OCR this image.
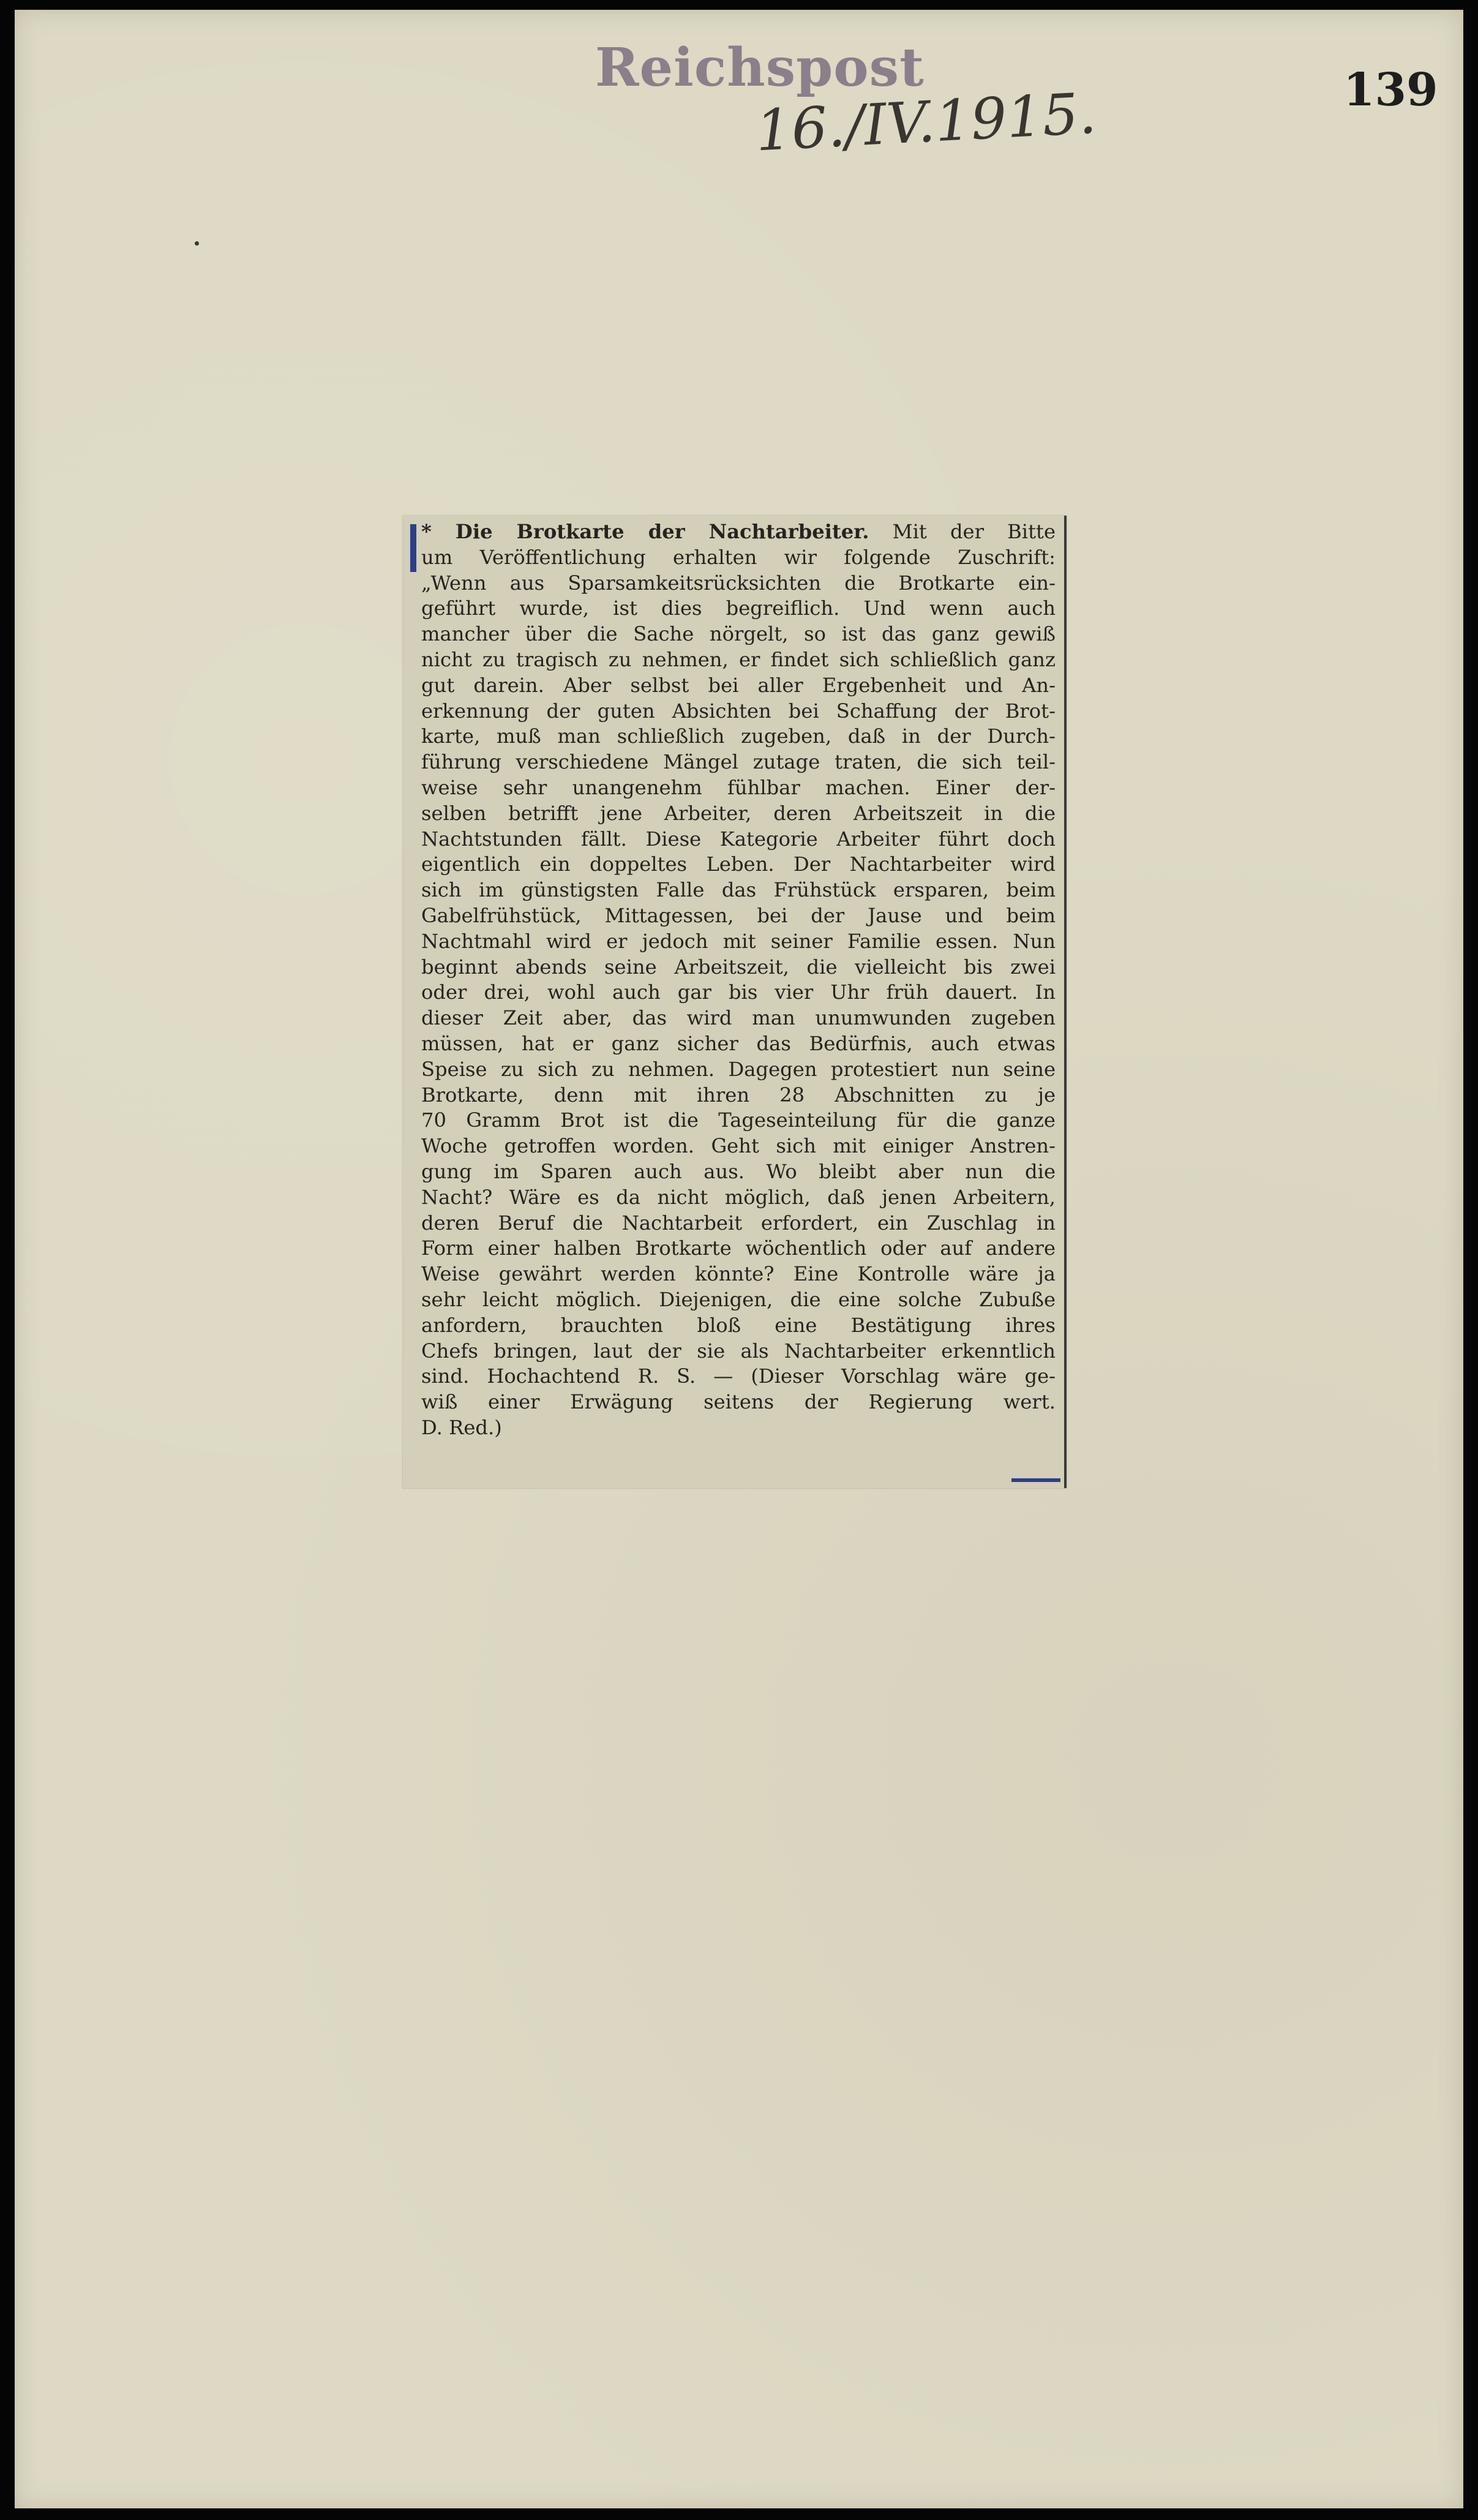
Reichspost
16./IV.1915.	139
* Die Brotkarte der Nachtarbeiter. Mit der Bitte
um Veröffentlichung erhalten wir folgende Zuschrift:
„Wenn aus Sparsamkeitsrücksichten die Brotkarte ein-
geführt wurde, ist dies begreiflich. Und wenn auch
mancher über die Sache nörgelt, so ist das ganz gewiß
nicht zu tragisch zu nehmen, er findet sich schließlich ganz
gut darein. Aber selbst bei aller Ergebenheit und An-
erkennung der guten Absichten bei Schaffung der Brot-
karte, muß man schließlich zugeben, daß in der Durch-
führung verschiedene Mängel zutage traten, die sich teil-
weise sehr unangenehm fühlbar machen. Einer der-
selben betrifft jene Arbeiter, deren Arbeitszeit in die
Nachtstunden fällt. Diese Kategorie Arbeiter führt doch
eigentlich ein doppeltes Leben. Der Nachtarbeiter wird
sich im günstigsten Falle das Frühstück ersparen, beim
Gabelfrühstück, Mittagessen, bei der Jause und beim
Nachtmahl wird er jedoch mit seiner Familie essen. Nun
beginnt abends seine Arbeitszeit, die vielleicht bis zwei
oder drei, wohl auch gar bis vier Uhr früh dauert. In
dieser Zeit aber, das wird man unumwunden zugeben
müssen, hat er ganz sicher das Bedürfnis, auch etwas
Speise zu sich zu nehmen. Dagegen protestiert nun seine
Brotkarte, denn mit ihren 28 Abschnitten zu je
70 Gramm Brot ist die Tageseinteilung für die ganze
Woche getroffen worden. Geht sich mit einiger Anstren-
gung im Sparen auch aus. Wo bleibt aber nun die
Nacht? Wäre es da nicht möglich, daß jenen Arbeitern,
deren Beruf die Nachtarbeit erfordert, ein Zuschlag in
Form einer halben Brotkarte wöchentlich oder auf andere
Weise gewährt werden könnte? Eine Kontrolle wäre ja
sehr leicht möglich. Diejenigen, die eine solche Zubuße
anfordern, brauchten bloß eine Bestätigung ihres
Chefs bringen, laut der sie als Nachtarbeiter erkenntlich
sind. Hochachtend R. S. — (Dieser Vorschlag wäre ge-
wiß einer Erwägung seitens der Regierung wert.
D. Red.)
